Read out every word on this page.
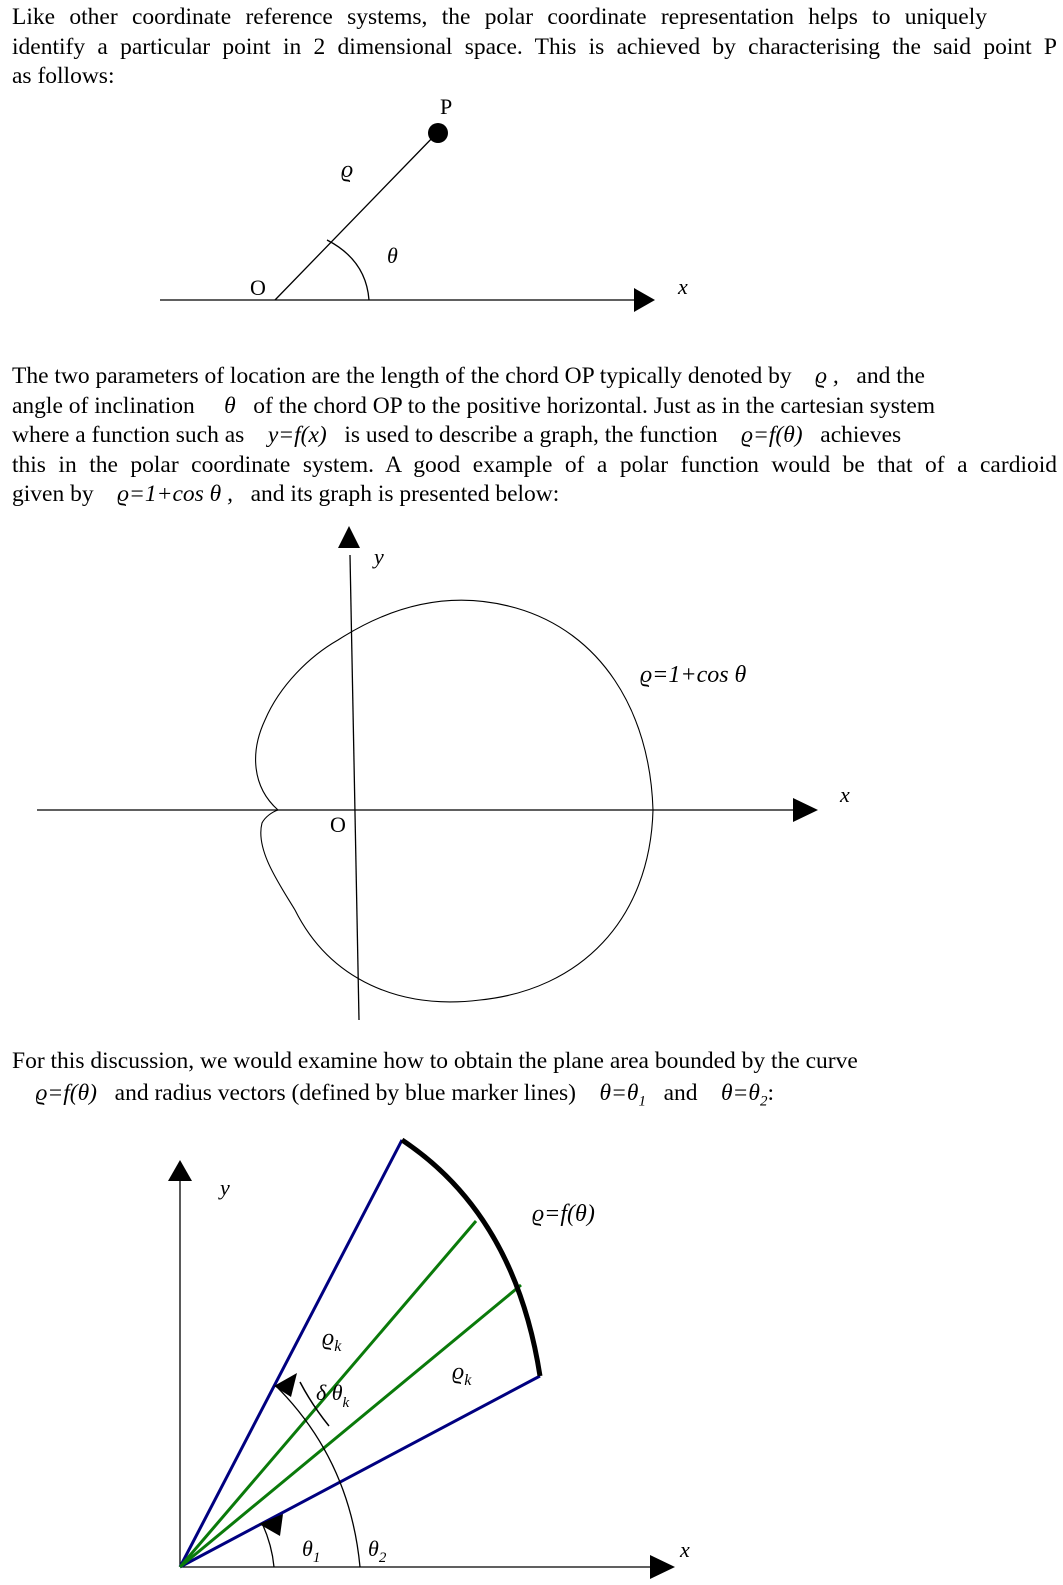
Like other coordinate reference systems, the polar coordinate representation helps to uniquely
identify a particular point in 2 dimensional space. This is achieved by characterising the said point P
as follows:
P
ϱ
θ
O	x
The two parameters of location are the length of the chord OP typically denoted by ϱ , and the
angle of inclination θ of the chord OP to the positive horizontal. Just as in the cartesian system
where a function such as y=f(x) is used to describe a graph, the function ϱ=f(θ) achieves
this in the polar coordinate system. A good example of a polar function would be that of a cardioid
given by ϱ=1+cos θ , and its graph is presented below:
ϱ=1+cos θ
y
O
x
For this discussion, we would examine how to obtain the plane area bounded by the curve
ϱ=f(θ) and radius vectors (defined by blue marker lines) $\theta=\theta_1$ and $\theta=\theta_2$:
y
x
ϱ=f(θ)
$ϱ_k$
$ϱ_k$
δ $\theta_k$
$\theta_1$ $\theta_2$
